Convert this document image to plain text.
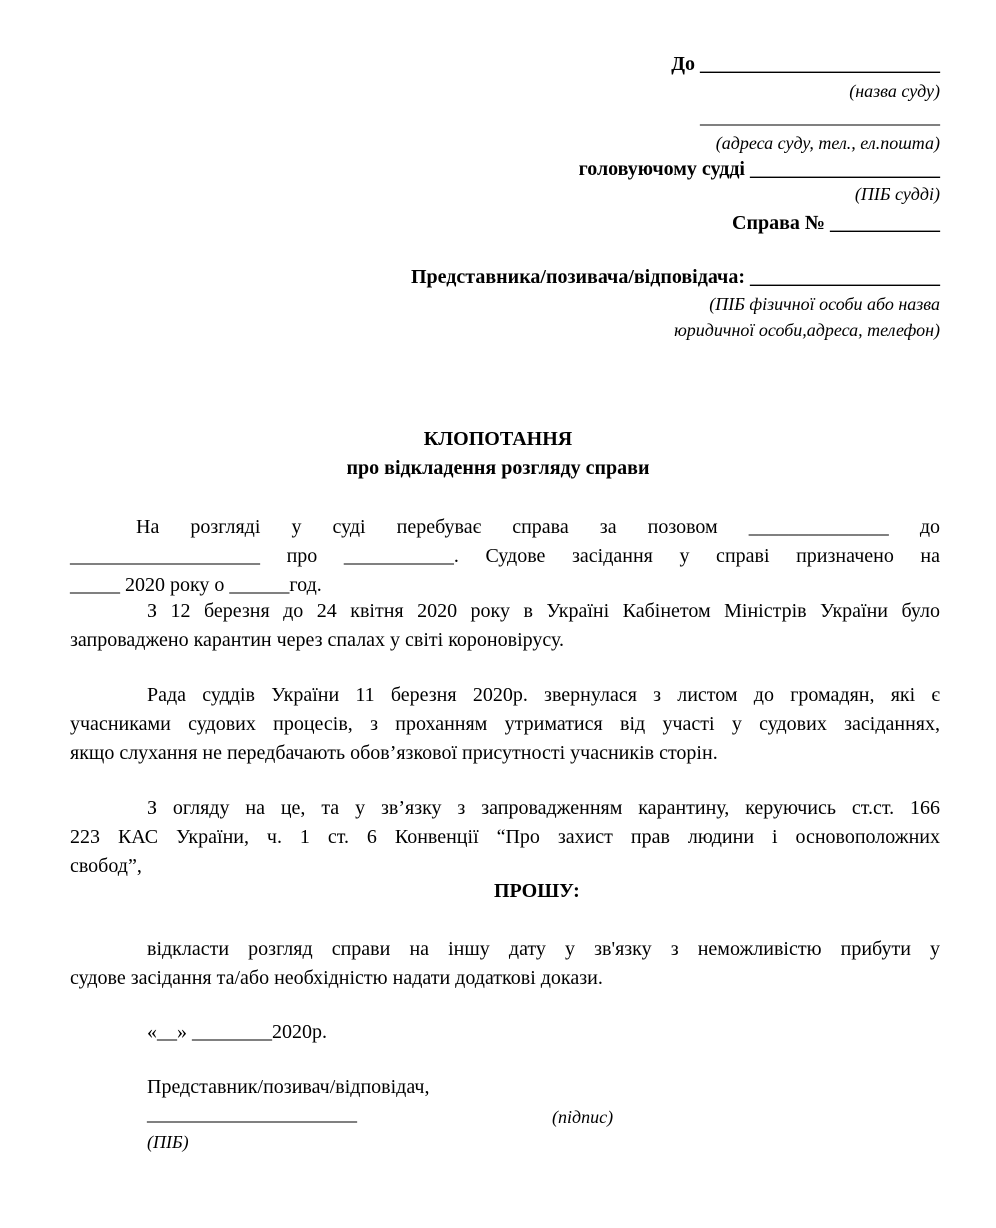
До ________________________
(назва суду)
________________________
(адреса суду, тел., ел.пошта)
головуючому судді ___________________
(ПІБ судді)
Справа № ___________
Представника/позивача/відповідача: ___________________
(ПІБ фізичної особи або назва
юридичної особи,адреса, телефон)
КЛОПОТАННЯ
про відкладення розгляду справи
На розгляді у суді перебуває справа за позовом ______________ до
___________________ про ___________. Судове засідання у справі призначено на
_____ 2020 року о ______год.
З 12 березня до 24 квітня 2020 року в Україні Кабінетом Міністрів України було
запроваджено карантин через спалах у світі короновірусу.
Рада суддів України 11 березня 2020р. звернулася з листом до громадян, які є
учасниками судових процесів, з проханням утриматися від участі у судових засіданнях,
якщо слухання не передбачають обов’язкової присутності учасників сторін.
З огляду на це, та у зв’язку з запровадженням карантину, керуючись ст.ст. 166
223 КАС України, ч. 1 ст. 6 Конвенції “Про захист прав людини і основоположних
свобод”,
ПРОШУ:
відкласти розгляд справи на іншу дату у зв'язку з неможливістю прибути у
судове засідання та/або необхідністю надати додаткові докази.
«__» ________2020р.
Представник/позивач/відповідач,
_____________________	(підпис)
(ПІБ)
